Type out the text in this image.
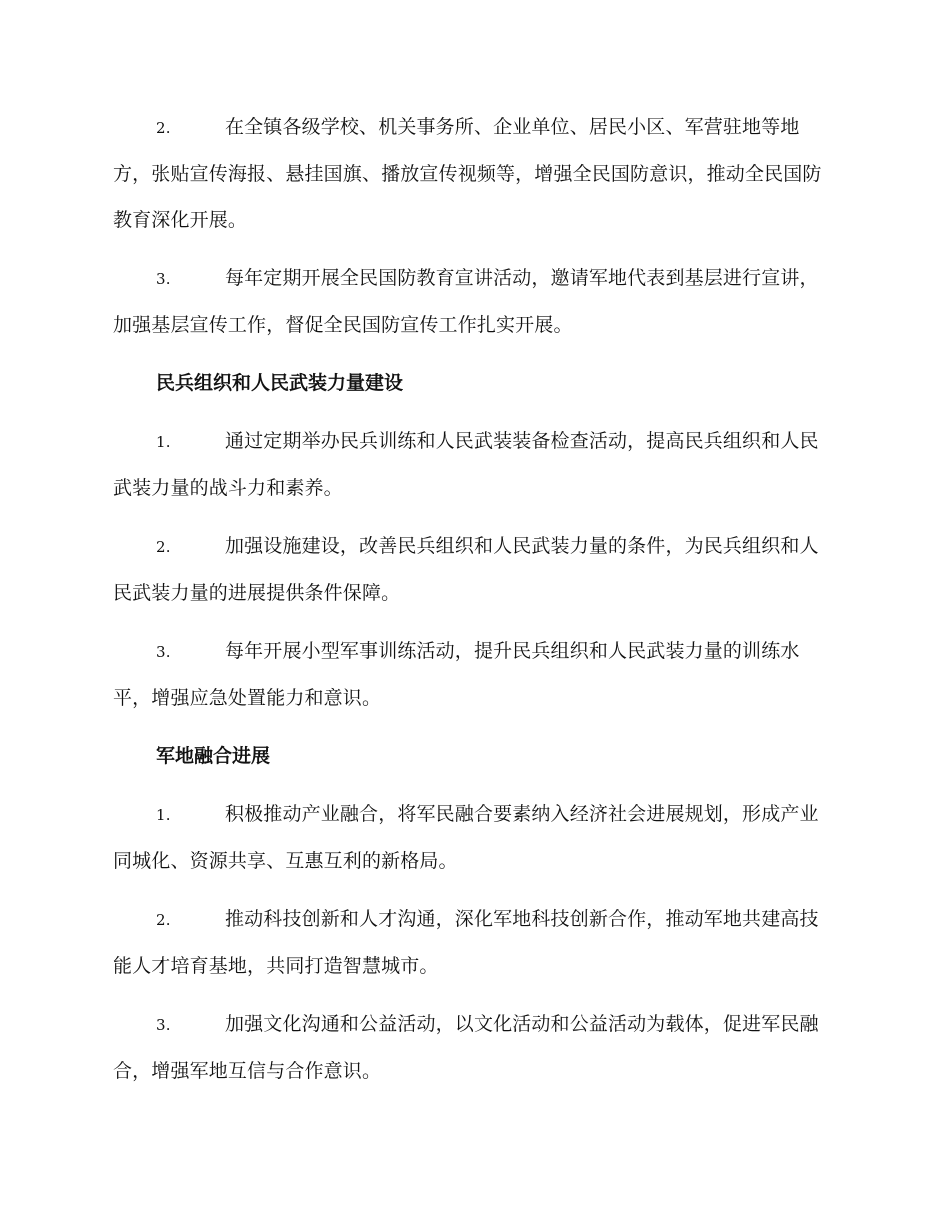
2.	在全镇各级学校、机关事务所、企业单位、居民小区、军营驻地等地方，张贴宣传海报、悬挂国旗、播放宣传视频等，增强全民国防意识，推动全民国防教育深化开展。

3.	每年定期开展全民国防教育宣讲活动，邀请军地代表到基层进行宣讲，加强基层宣传工作，督促全民国防宣传工作扎实开展。

民兵组织和人民武装力量建设

1.	通过定期举办民兵训练和人民武装装备检查活动，提高民兵组织和人民武装力量的战斗力和素养。

2.	加强设施建设，改善民兵组织和人民武装力量的条件，为民兵组织和人民武装力量的进展提供条件保障。

3.	每年开展小型军事训练活动，提升民兵组织和人民武装力量的训练水平，增强应急处置能力和意识。

军地融合进展

1.	积极推动产业融合，将军民融合要素纳入经济社会进展规划，形成产业同城化、资源共享、互惠互利的新格局。

2.	推动科技创新和人才沟通，深化军地科技创新合作，推动军地共建高技能人才培育基地，共同打造智慧城市。

3.	加强文化沟通和公益活动，以文化活动和公益活动为载体，促进军民融合，增强军地互信与合作意识。
